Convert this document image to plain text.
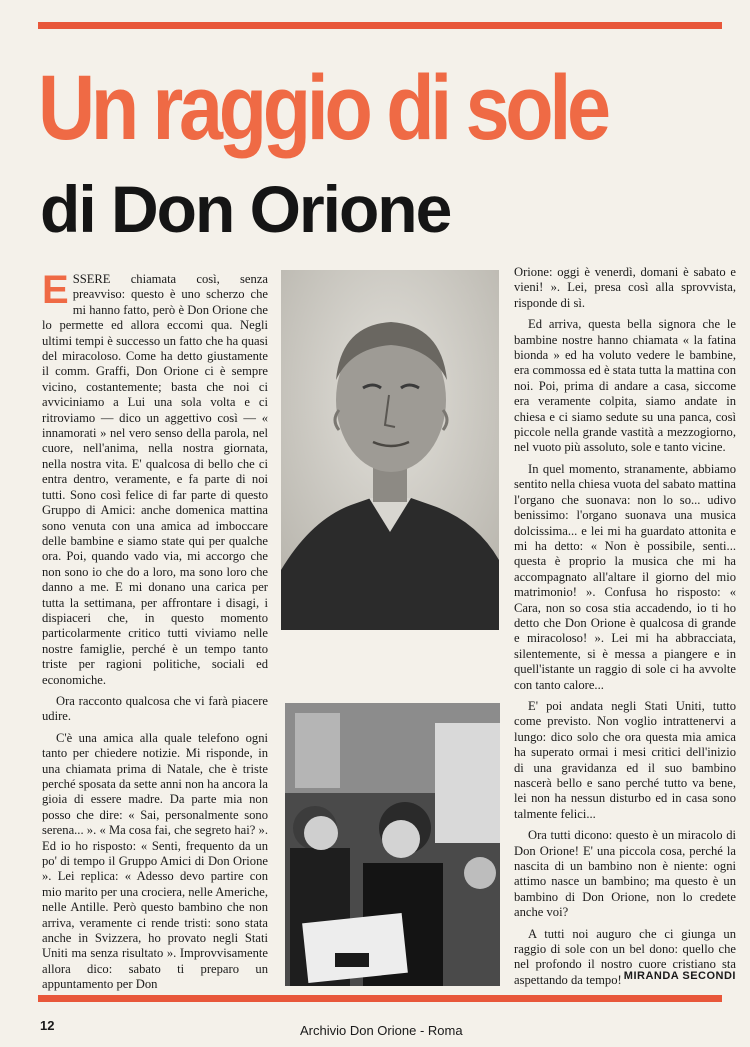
Un raggio di sole
di Don Orione

ESSERE chiamata così, senza preavviso: questo è uno scherzo che mi hanno fatto, però è Don Orione che lo permette ed allora eccomi qua. Negli ultimi tempi è successo un fatto che ha quasi del miracoloso. Come ha detto giustamente il comm. Graffi, Don Orione ci è sempre vicino, costantemente; basta che noi ci avviciniamo a Lui una sola volta e ci ritroviamo — dico un aggettivo così — « innamorati » nel vero senso della parola, nel cuore, nell'anima, nella nostra giornata, nella nostra vita. E' qualcosa di bello che ci entra dentro, veramente, e fa parte di noi tutti. Sono così felice di far parte di questo Gruppo di Amici: anche domenica mattina sono venuta con una amica ad imboccare delle bambine e siamo state qui per qualche ora. Poi, quando vado via, mi accorgo che non sono io che do a loro, ma sono loro che danno a me. E mi donano una carica per tutta la settimana, per affrontare i disagi, i dispiaceri che, in questo momento particolarmente critico tutti viviamo nelle nostre famiglie, perché è un tempo tanto triste per ragioni politiche, sociali ed economiche.

Ora racconto qualcosa che vi farà piacere udire.

C'è una amica alla quale telefono ogni tanto per chiedere notizie. Mi risponde, in una chiamata prima di Natale, che è triste perché sposata da sette anni non ha ancora la gioia di essere madre. Da parte mia non posso che dire: « Sai, personalmente sono serena... ». « Ma cosa fai, che segreto hai? ». Ed io ho risposto: « Senti, frequento da un po' di tempo il Gruppo Amici di Don Orione ». Lei replica: « Adesso devo partire con mio marito per una crociera, nelle Americhe, nelle Antille. Però questo bambino che non arriva, veramente ci rende tristi: sono stata anche in Svizzera, ho provato negli Stati Uniti ma senza risultato ». Improvvisamente allora dico: sabato ti preparo un appuntamento per Don

Orione: oggi è venerdì, domani è sabato e vieni! ». Lei, presa così alla sprovvista, risponde di sì.

Ed arriva, questa bella signora che le bambine nostre hanno chiamata « la fatina bionda » ed ha voluto vedere le bambine, era commossa ed è stata tutta la mattina con noi. Poi, prima di andare a casa, siccome era veramente colpita, siamo andate in chiesa e ci siamo sedute su una panca, così piccole nella grande vastità a mezzogiorno, nel vuoto più assoluto, sole e tanto vicine.

In quel momento, stranamente, abbiamo sentito nella chiesa vuota del sabato mattina l'organo che suonava: non lo so... udivo benissimo: l'organo suonava una musica dolcissima... e lei mi ha guardato attonita e mi ha detto: « Non è possibile, senti... questa è proprio la musica che mi ha accompagnato all'altare il giorno del mio matrimonio! ». Confusa ho risposto: « Cara, non so cosa stia accadendo, io ti ho detto che Don Orione è qualcosa di grande e miracoloso! ». Lei mi ha abbracciata, silentemente, si è messa a piangere e in quell'istante un raggio di sole ci ha avvolte con tanto calore...

E' poi andata negli Stati Uniti, tutto come previsto. Non voglio intrattenervi a lungo: dico solo che ora questa mia amica ha superato ormai i mesi critici dell'inizio di una gravidanza ed il suo bambino nascerà bello e sano perché tutto va bene, lei non ha nessun disturbo ed in casa sono talmente felici...

Ora tutti dicono: questo è un miracolo di Don Orione! E' una piccola cosa, perché la nascita di un bambino non è niente: ogni attimo nasce un bambino; ma questo è un bambino di Don Orione, non lo credete anche voi?

A tutti noi auguro che ci giunga un raggio di sole con un bel dono: quello che nel profondo il nostro cuore cristiano sta aspettando da tempo! MIRANDA SECONDI
12	Archivio Don Orione - Roma
